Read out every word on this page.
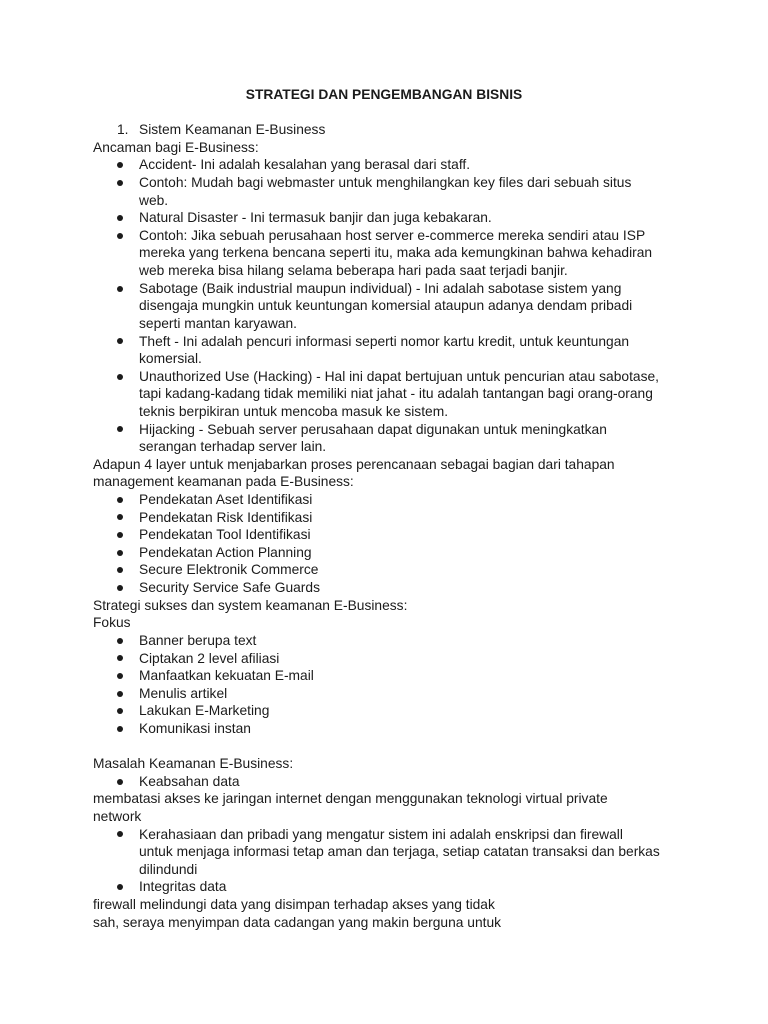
STRATEGI DAN PENGEMBANGAN BISNIS
1. Sistem Keamanan E-Business
Ancaman bagi E-Business:
Accident- Ini adalah kesalahan yang berasal dari staff.
Contoh: Mudah bagi webmaster untuk menghilangkan key files dari sebuah situs
web.
Natural Disaster - Ini termasuk banjir dan juga kebakaran.
Contoh: Jika sebuah perusahaan host server e-commerce mereka sendiri atau ISP
mereka yang terkena bencana seperti itu, maka ada kemungkinan bahwa kehadiran
web mereka bisa hilang selama beberapa hari pada saat terjadi banjir.
Sabotage (Baik industrial maupun individual) - Ini adalah sabotase sistem yang
disengaja mungkin untuk keuntungan komersial ataupun adanya dendam pribadi
seperti mantan karyawan.
Theft - Ini adalah pencuri informasi seperti nomor kartu kredit, untuk keuntungan
komersial.
Unauthorized Use (Hacking) - Hal ini dapat bertujuan untuk pencurian atau sabotase,
tapi kadang-kadang tidak memiliki niat jahat - itu adalah tantangan bagi orang-orang
teknis berpikiran untuk mencoba masuk ke sistem.
Hijacking - Sebuah server perusahaan dapat digunakan untuk meningkatkan
serangan terhadap server lain.
Adapun 4 layer untuk menjabarkan proses perencanaan sebagai bagian dari tahapan
management keamanan pada E-Business:
Pendekatan Aset Identifikasi
Pendekatan Risk Identifikasi
Pendekatan Tool Identifikasi
Pendekatan Action Planning
Secure Elektronik Commerce
Security Service Safe Guards
Strategi sukses dan system keamanan E-Business:
Fokus
Banner berupa text
Ciptakan 2 level afiliasi
Manfaatkan kekuatan E-mail
Menulis artikel
Lakukan E-Marketing
Komunikasi instan
Masalah Keamanan E-Business:
Keabsahan data
membatasi akses ke jaringan internet dengan menggunakan teknologi virtual private
network
Kerahasiaan dan pribadi yang mengatur sistem ini adalah enskripsi dan firewall
untuk menjaga informasi tetap aman dan terjaga, setiap catatan transaksi dan berkas
dilindundi
Integritas data
firewall melindungi data yang disimpan terhadap akses yang tidak
sah, seraya menyimpan data cadangan yang makin berguna untuk
